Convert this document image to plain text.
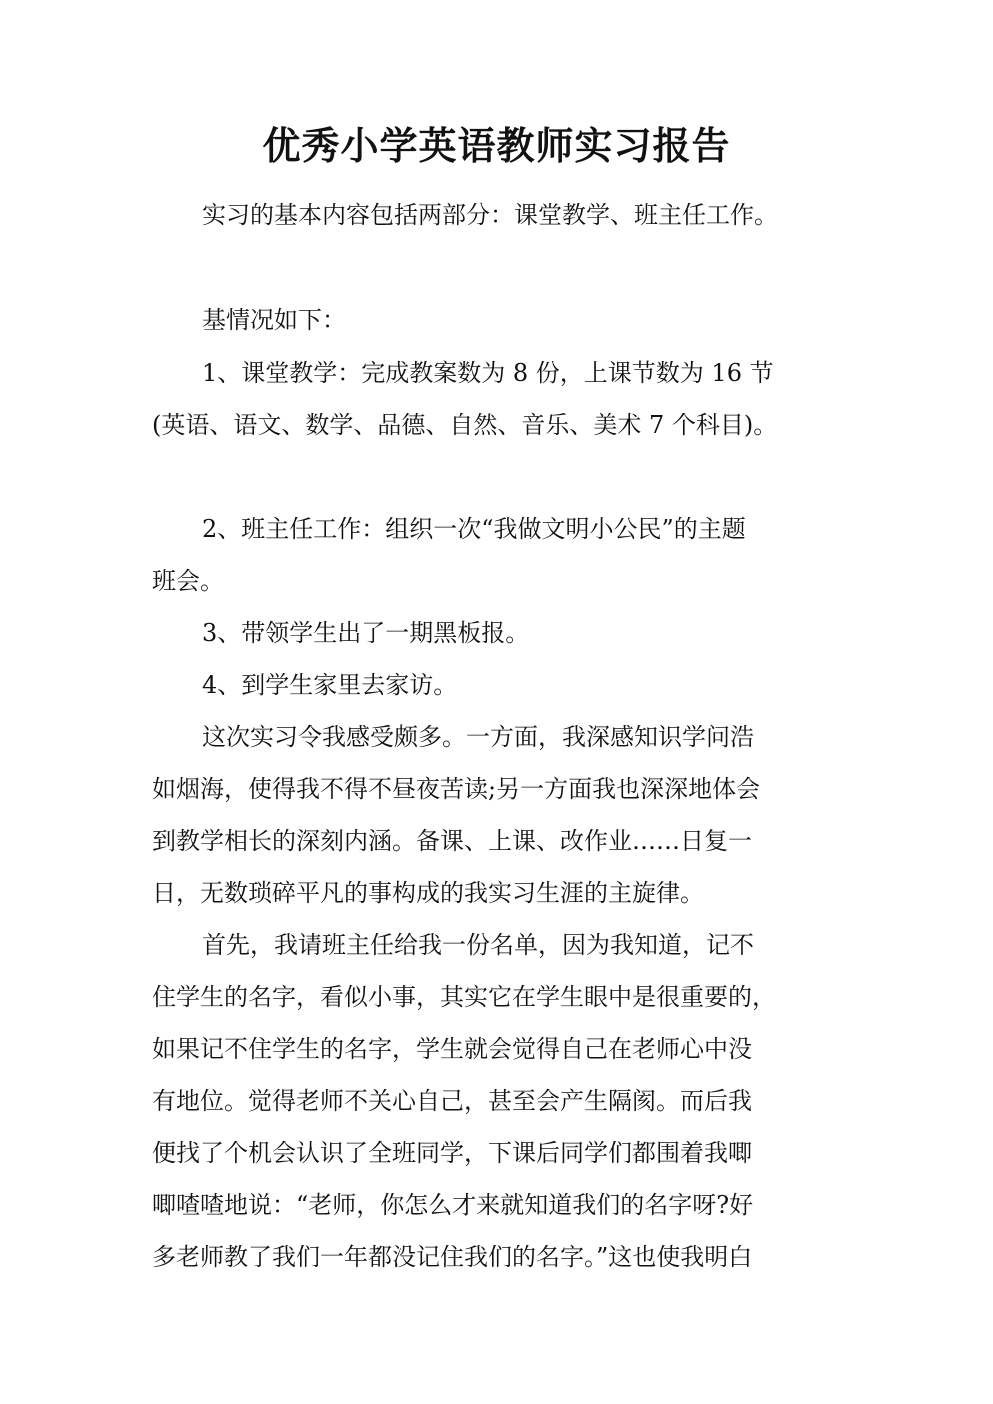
优秀小学英语教师实习报告

实习的基本内容包括两部分：课堂教学、班主任工作。

基情况如下：

1、课堂教学：完成教案数为 8 份，上课节数为 16 节

(英语、语文、数学、品德、自然、音乐、美术 7 个科目)。

2、班主任工作：组织一次“我做文明小公民”的主题

班会。

3、带领学生出了一期黑板报。

4、到学生家里去家访。

这次实习令我感受颇多。一方面，我深感知识学问浩

如烟海，使得我不得不昼夜苦读;另一方面我也深深地体会

到教学相长的深刻内涵。备课、上课、改作业……日复一

日，无数琐碎平凡的事构成的我实习生涯的主旋律。

首先，我请班主任给我一份名单，因为我知道，记不

住学生的名字，看似小事，其实它在学生眼中是很重要的，

如果记不住学生的名字，学生就会觉得自己在老师心中没

有地位。觉得老师不关心自己，甚至会产生隔阂。而后我

便找了个机会认识了全班同学，下课后同学们都围着我唧

唧喳喳地说：“老师，你怎么才来就知道我们的名字呀?好

多老师教了我们一年都没记住我们的名字。”这也使我明白
